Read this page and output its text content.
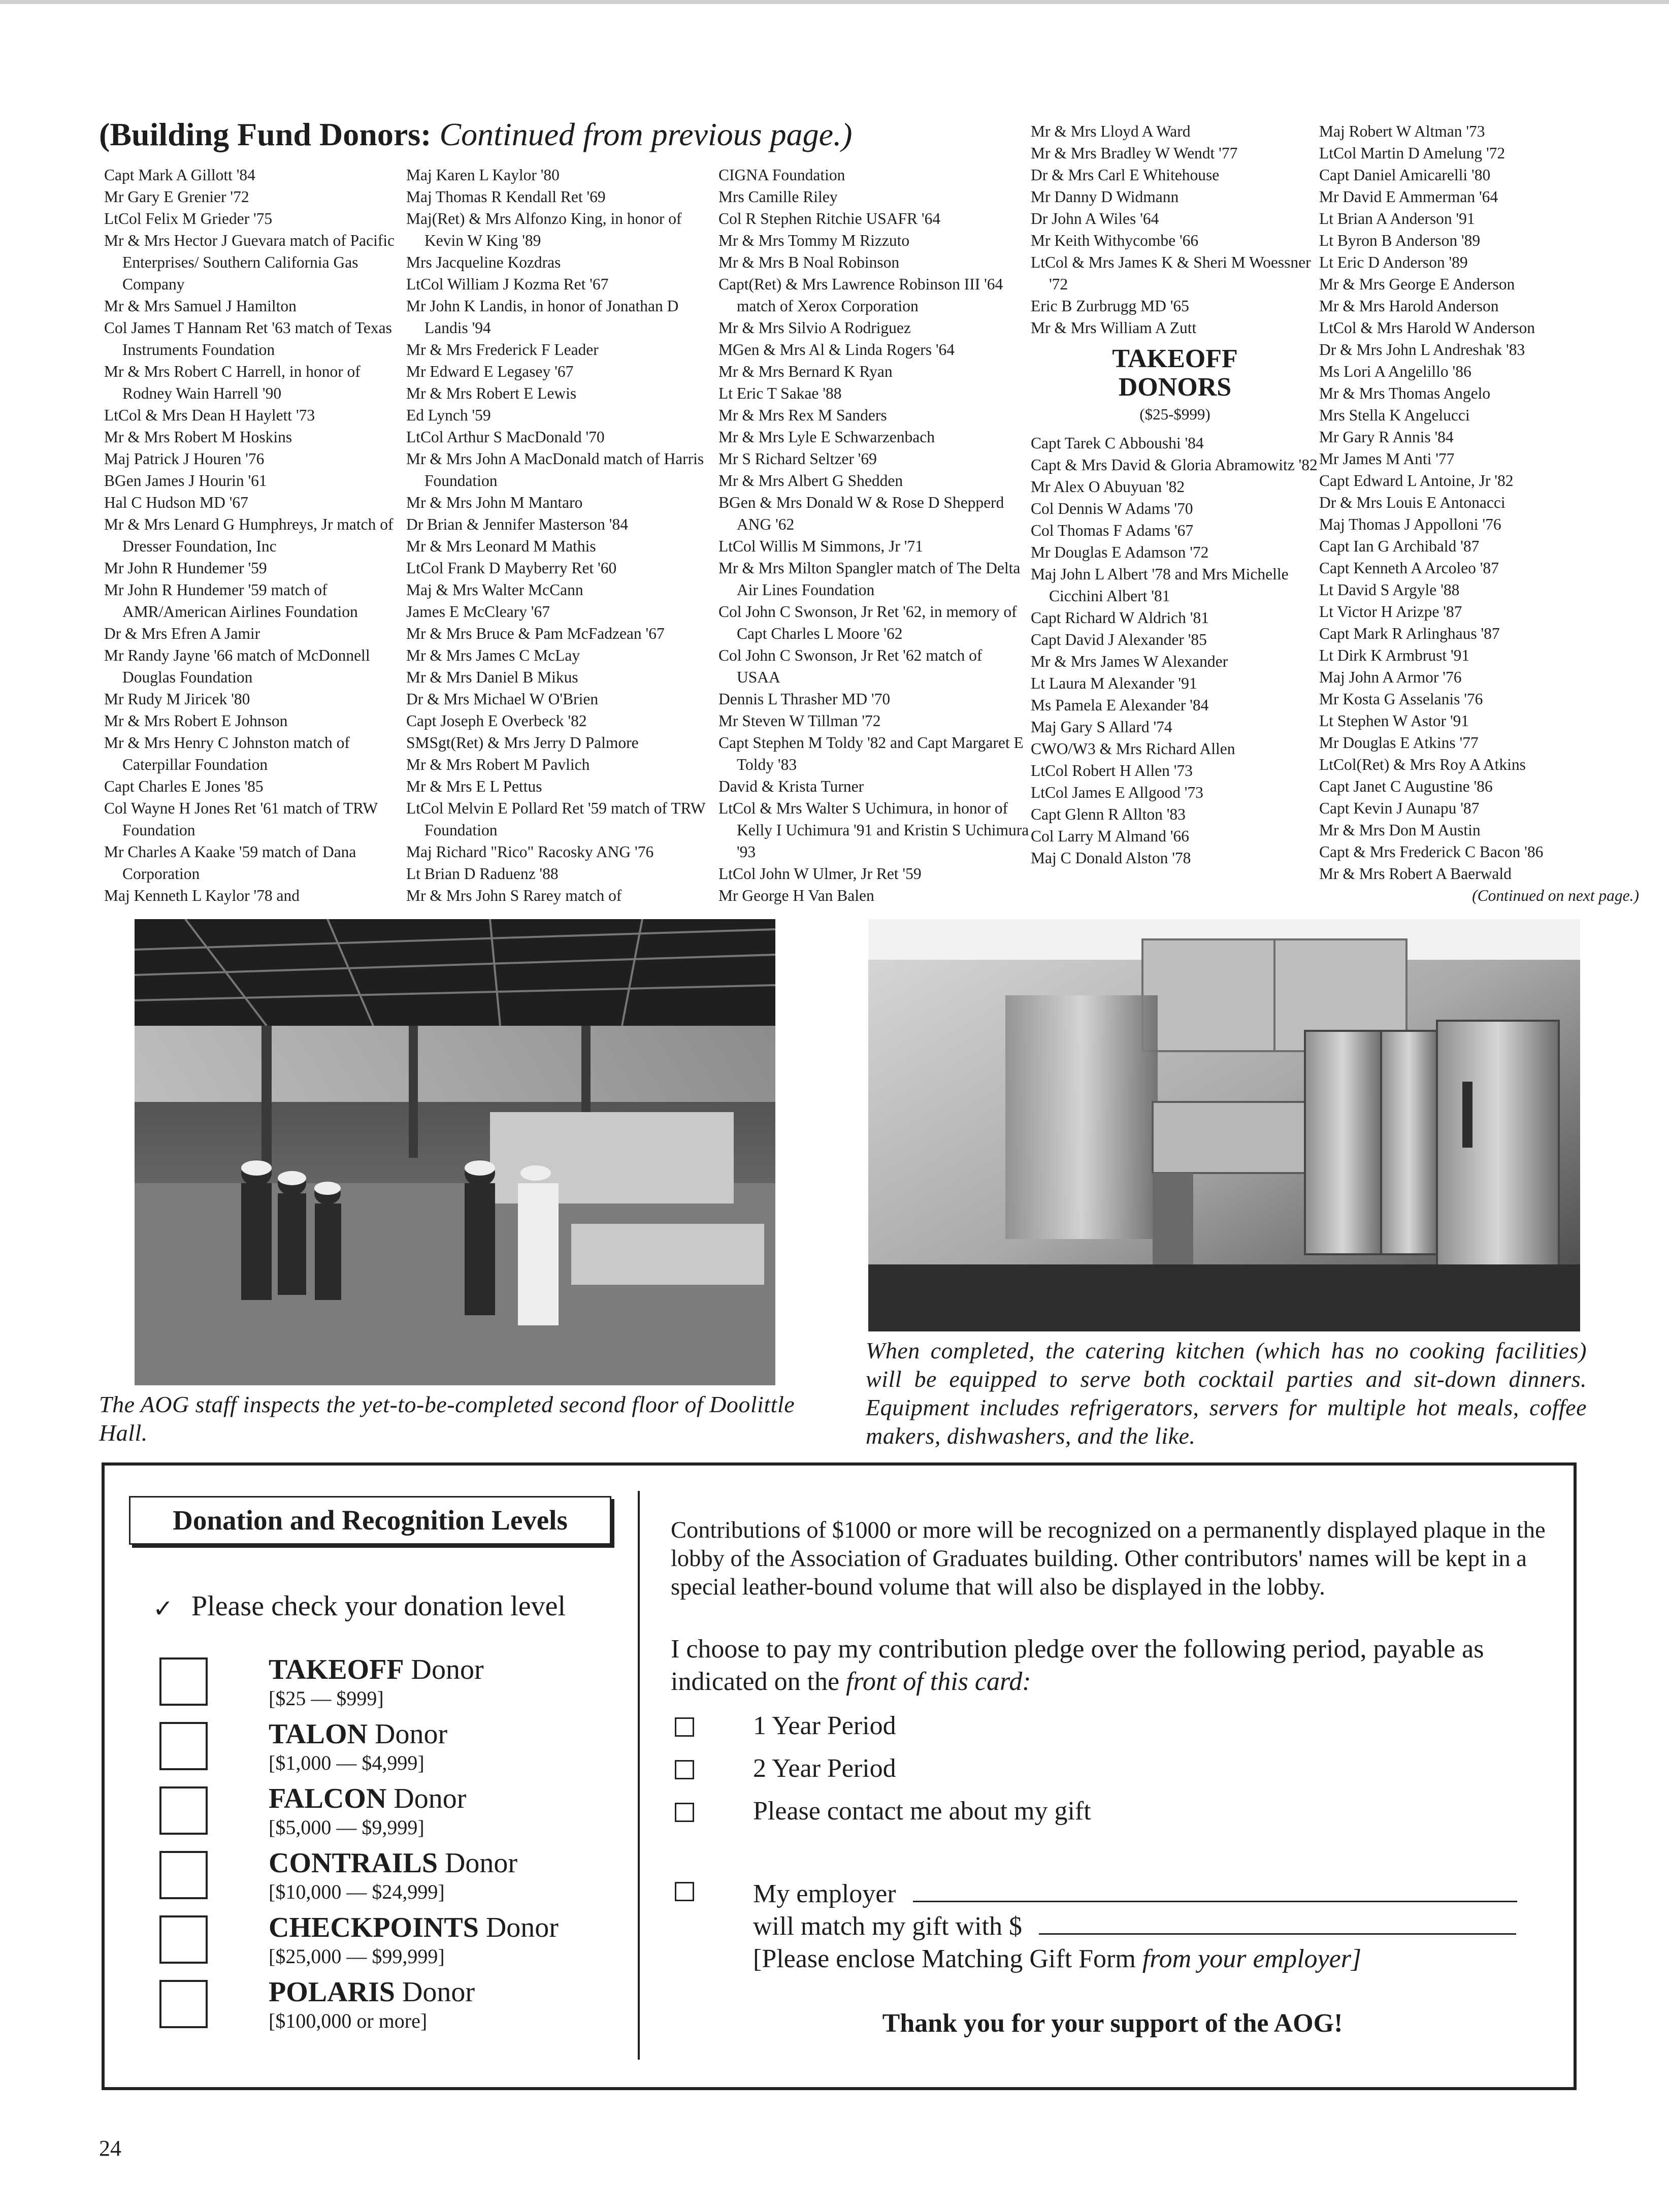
(Building Fund Donors: Continued from previous page.)
Capt Mark A Gillott '84
Mr Gary E Grenier '72
LtCol Felix M Grieder '75
Mr & Mrs Hector J Guevara match of Pacific Enterprises/ Southern California Gas Company
Mr & Mrs Samuel J Hamilton
Col James T Hannam Ret '63 match of Texas Instruments Foundation
Mr & Mrs Robert C Harrell, in honor of Rodney Wain Harrell '90
LtCol & Mrs Dean H Haylett '73
Mr & Mrs Robert M Hoskins
Maj Patrick J Houren '76
BGen James J Hourin '61
Hal C Hudson MD '67
Mr & Mrs Lenard G Humphreys, Jr match of Dresser Foundation, Inc
Mr John R Hundemer '59
Mr John R Hundemer '59 match of AMR/American Airlines Foundation
Dr & Mrs Efren A Jamir
Mr Randy Jayne '66 match of McDonnell Douglas Foundation
Mr Rudy M Jiricek '80
Mr & Mrs Robert E Johnson
Mr & Mrs Henry C Johnston match of Caterpillar Foundation
Capt Charles E Jones '85
Col Wayne H Jones Ret '61 match of TRW Foundation
Mr Charles A Kaake '59 match of Dana Corporation
Maj Kenneth L Kaylor '78 and
Maj Karen L Kaylor '80
Maj Thomas R Kendall Ret '69
Maj(Ret) & Mrs Alfonzo King, in honor of Kevin W King '89
Mrs Jacqueline Kozdras
LtCol William J Kozma Ret '67
Mr John K Landis, in honor of Jonathan D Landis '94
Mr & Mrs Frederick F Leader
Mr Edward E Legasey '67
Mr & Mrs Robert E Lewis
Ed Lynch '59
LtCol Arthur S MacDonald '70
Mr & Mrs John A MacDonald match of Harris Foundation
Mr & Mrs John M Mantaro
Dr Brian & Jennifer Masterson '84
Mr & Mrs Leonard M Mathis
LtCol Frank D Mayberry Ret '60
Maj & Mrs Walter McCann
James E McCleary '67
Mr & Mrs Bruce & Pam McFadzean '67
Mr & Mrs James C McLay
Mr & Mrs Daniel B Mikus
Dr & Mrs Michael W O'Brien
Capt Joseph E Overbeck '82
SMSgt(Ret) & Mrs Jerry D Palmore
Mr & Mrs Robert M Pavlich
Mr & Mrs E L Pettus
LtCol Melvin E Pollard Ret '59 match of TRW Foundation
Maj Richard "Rico" Racosky ANG '76
Lt Brian D Raduenz '88
Mr & Mrs John S Rarey match of
CIGNA Foundation
Mrs Camille Riley
Col R Stephen Ritchie USAFR '64
Mr & Mrs Tommy M Rizzuto
Mr & Mrs B Noal Robinson
Capt(Ret) & Mrs Lawrence Robinson III '64 match of Xerox Corporation
Mr & Mrs Silvio A Rodriguez
MGen & Mrs Al & Linda Rogers '64
Mr & Mrs Bernard K Ryan
Lt Eric T Sakae '88
Mr & Mrs Rex M Sanders
Mr & Mrs Lyle E Schwarzenbach
Mr S Richard Seltzer '69
Mr & Mrs Albert G Shedden
BGen & Mrs Donald W & Rose D Shepperd ANG '62
LtCol Willis M Simmons, Jr '71
Mr & Mrs Milton Spangler match of The Delta Air Lines Foundation
Col John C Swonson, Jr Ret '62, in memory of Capt Charles L Moore '62
Col John C Swonson, Jr Ret '62 match of USAA
Dennis L Thrasher MD '70
Mr Steven W Tillman '72
Capt Stephen M Toldy '82 and Capt Margaret E Toldy '83
David & Krista Turner
LtCol & Mrs Walter S Uchimura, in honor of Kelly I Uchimura '91 and Kristin S Uchimura '93
LtCol John W Ulmer, Jr Ret '59
Mr George H Van Balen
Mr & Mrs Lloyd A Ward
Mr & Mrs Bradley W Wendt '77
Dr & Mrs Carl E Whitehouse
Mr Danny D Widmann
Dr John A Wiles '64
Mr Keith Withycombe '66
LtCol & Mrs James K & Sheri M Woessner '72
Eric B Zurbrugg MD '65
Mr & Mrs William A Zutt
TAKEOFF
DONORS
($25-$999)
Capt Tarek C Abboushi '84
Capt & Mrs David & Gloria Abramowitz '82
Mr Alex O Abuyuan '82
Col Dennis W Adams '70
Col Thomas F Adams '67
Mr Douglas E Adamson '72
Maj John L Albert '78 and Mrs Michelle Cicchini Albert '81
Capt Richard W Aldrich '81
Capt David J Alexander '85
Mr & Mrs James W Alexander
Lt Laura M Alexander '91
Ms Pamela E Alexander '84
Maj Gary S Allard '74
CWO/W3 & Mrs Richard Allen
LtCol Robert H Allen '73
LtCol James E Allgood '73
Capt Glenn R Allton '83
Col Larry M Almand '66
Maj C Donald Alston '78
Maj Robert W Altman '73
LtCol Martin D Amelung '72
Capt Daniel Amicarelli '80
Mr David E Ammerman '64
Lt Brian A Anderson '91
Lt Byron B Anderson '89
Lt Eric D Anderson '89
Mr & Mrs George E Anderson
Mr & Mrs Harold Anderson
LtCol & Mrs Harold W Anderson
Dr & Mrs John L Andreshak '83
Ms Lori A Angelillo '86
Mr & Mrs Thomas Angelo
Mrs Stella K Angelucci
Mr Gary R Annis '84
Mr James M Anti '77
Capt Edward L Antoine, Jr '82
Dr & Mrs Louis E Antonacci
Maj Thomas J Appolloni '76
Capt Ian G Archibald '87
Capt Kenneth A Arcoleo '87
Lt David S Argyle '88
Lt Victor H Arizpe '87
Capt Mark R Arlinghaus '87
Lt Dirk K Armbrust '91
Maj John A Armor '76
Mr Kosta G Asselanis '76
Lt Stephen W Astor '91
Mr Douglas E Atkins '77
LtCol(Ret) & Mrs Roy A Atkins
Capt Janet C Augustine '86
Capt Kevin J Aunapu '87
Mr & Mrs Don M Austin
Capt & Mrs Frederick C Bacon '86
Mr & Mrs Robert A Baerwald
(Continued on next page.)
The AOG staff inspects the yet-to-be-completed second floor of Doolittle Hall.
When completed, the catering kitchen (which has no cooking facilities) will be equipped to serve both cocktail parties and sit-down dinners. Equipment includes refrigerators, servers for multiple hot meals, coffee makers, dishwashers, and the like.
Donation and Recognition Levels
✓ Please check your donation level
TAKEOFF Donor
[$25 — $999]
TALON Donor
[$1,000 — $4,999]
FALCON Donor
[$5,000 — $9,999]
CONTRAILS Donor
[$10,000 — $24,999]
CHECKPOINTS Donor
[$25,000 — $99,999]
POLARIS Donor
[$100,000 or more]
Contributions of $1000 or more will be recognized on a permanently displayed plaque in the lobby of the Association of Graduates building. Other contributors' names will be kept in a special leather-bound volume that will also be displayed in the lobby.
I choose to pay my contribution pledge over the following period, payable as indicated on the front of this card:
1 Year Period
2 Year Period
Please contact me about my gift
My employer
will match my gift with $
[Please enclose Matching Gift Form from your employer]
Thank you for your support of the AOG!
24
